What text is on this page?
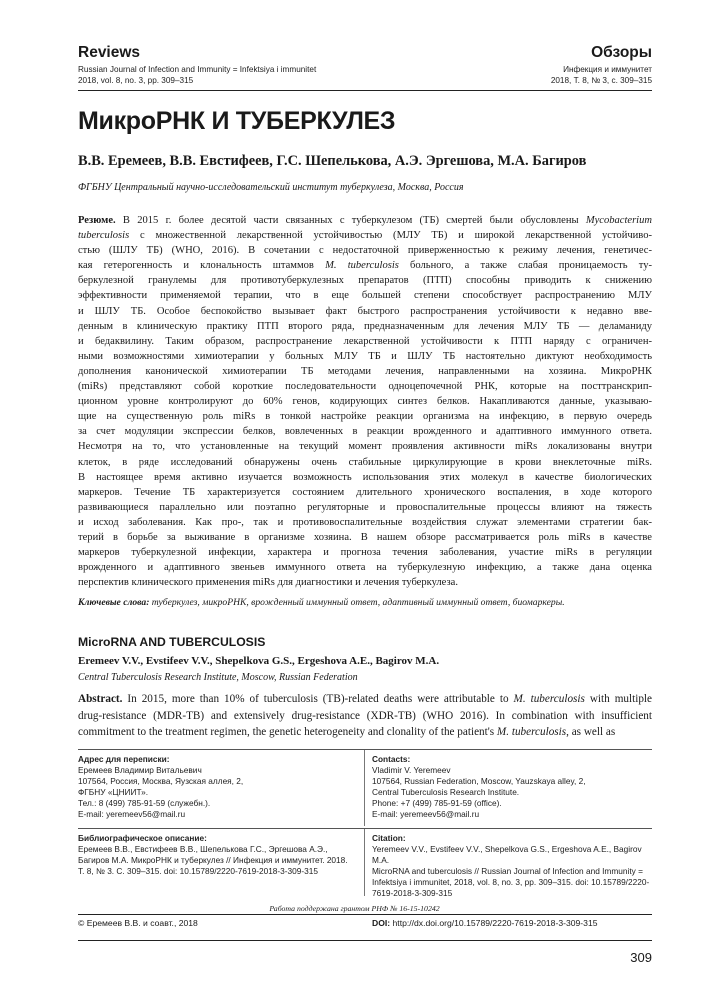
Reviews
Russian Journal of Infection and Immunity = Infektsiya i immunitet
2018, vol. 8, no. 3, pp. 309–315
Обзоры
Инфекция и иммунитет
2018, Т. 8, № 3, с. 309–315
МикроРНК И ТУБЕРКУЛЕЗ
В.В. Еремеев, В.В. Евстифеев, Г.С. Шепелькова, А.Э. Эргешова, М.А. Багиров
ФГБНУ Центральный научно-исследовательский институт туберкулеза, Москва, Россия
Резюме. В 2015 г. более десятой части связанных с туберкулезом (ТБ) смертей были обусловлены Mycobacterium
tuberculosis с множественной лекарственной устойчивостью (МЛУ ТБ) и широкой лекарственной устойчиво-
стью (ШЛУ ТБ) (WHO, 2016). В сочетании с недостаточной приверженностью к режиму лечения, генетичес-
кая гетерогенность и клональность штаммов M. tuberculosis больного, а также слабая проницаемость ту-
беркулезной гранулемы для противотуберкулезных препаратов (ПТП) способны приводить к снижению
эффективности применяемой терапии, что в еще большей степени способствует распространению МЛУ
и ШЛУ ТБ. Особое беспокойство вызывает факт быстрого распространения устойчивости к недавно вве-
денным в клиническую практику ПТП второго ряда, предназначенным для лечения МЛУ ТБ — деламаниду
и бедаквилину. Таким образом, распространение лекарственной устойчивости к ПТП наряду с ограничен-
ными возможностями химиотерапии у больных МЛУ ТБ и ШЛУ ТБ настоятельно диктуют необходимость
дополнения канонической химиотерапии ТБ методами лечения, направленными на хозяина. МикроРНК
(miRs) представляют собой короткие последовательности одноцепочечной РНК, которые на посттранскрип-
ционном уровне контролируют до 60% генов, кодирующих синтез белков. Накапливаются данные, указываю-
щие на существенную роль miRs в тонкой настройке реакции организма на инфекцию, в первую очередь
за счет модуляции экспрессии белков, вовлеченных в реакции врожденного и адаптивного иммунного ответа.
Несмотря на то, что установленные на текущий момент проявления активности miRs локализованы внутри
клеток, в ряде исследований обнаружены очень стабильные циркулирующие в крови внеклеточные miRs.
В настоящее время активно изучается возможность использования этих молекул в качестве биологических
маркеров. Течение ТБ характеризуется состоянием длительного хронического воспаления, в ходе которого
развивающиеся параллельно или поэтапно регуляторные и провоспалительные процессы влияют на тяжесть
и исход заболевания. Как про-, так и противовоспалительные воздействия служат элементами стратегии бак-
терий в борьбе за выживание в организме хозяина. В нашем обзоре рассматривается роль miRs в качестве
маркеров туберкулезной инфекции, характера и прогноза течения заболевания, участие miRs в регуляции
врожденного и адаптивного звеньев иммунного ответа на туберкулезную инфекцию, а также дана оценка
перспектив клинического применения miRs для диагностики и лечения туберкулеза.
Ключевые слова: туберкулез, микроРНК, врожденный иммунный ответ, адаптивный иммунный ответ, биомаркеры.
MicroRNA AND TUBERCULOSIS
Eremeev V.V., Evstifeev V.V., Shepelkova G.S., Ergeshova A.E., Bagirov M.A.
Central Tuberculosis Research Institute, Moscow, Russian Federation
Abstract. In 2015, more than 10% of tuberculosis (TB)-related deaths were attributable to M. tuberculosis with multiple
drug-resistance (MDR-TB) and extensively drug-resistance (XDR-TB) (WHO 2016). In combination with insufficient
commitment to the treatment regimen, the genetic heterogeneity and clonality of the patient's M. tuberculosis, as well as
Адрес для переписки:
Еремеев Владимир Витальевич
107564, Россия, Москва, Яузская аллея, 2,
ФГБНУ «ЦНИИТ».
Тел.: 8 (499) 785-91-59 (служебн.).
E-mail: yeremeev56@mail.ru
Contacts:
Vladimir V. Yeremeev
107564, Russian Federation, Moscow, Yauzskaya alley, 2,
Central Tuberculosis Research Institute.
Phone: +7 (499) 785-91-59 (office).
E-mail: yeremeev56@mail.ru
Библиографическое описание:
Еремеев В.В., Евстифеев В.В., Шепелькова Г.С., Эргешова А.Э.,
Багиров М.А. МикроРНК и туберкулез // Инфекция и иммунитет. 2018.
Т. 8, № 3. С. 309–315. doi: 10.15789/2220-7619-2018-3-309-315
Citation:
Yeremeev V.V., Evstifeev V.V., Shepelkova G.S., Ergeshova A.E., Bagirov M.A.
MicroRNA and tuberculosis // Russian Journal of Infection and Immunity =
Infektsiya i immunitet, 2018, vol. 8, no. 3, pp. 309–315. doi: 10.15789/2220-
7619-2018-3-309-315
Работа поддержана грантом РНФ № 16-15-10242
© Еремеев В.В. и соавт., 2018	DOI: http://dx.doi.org/10.15789/2220-7619-2018-3-309-315
309
